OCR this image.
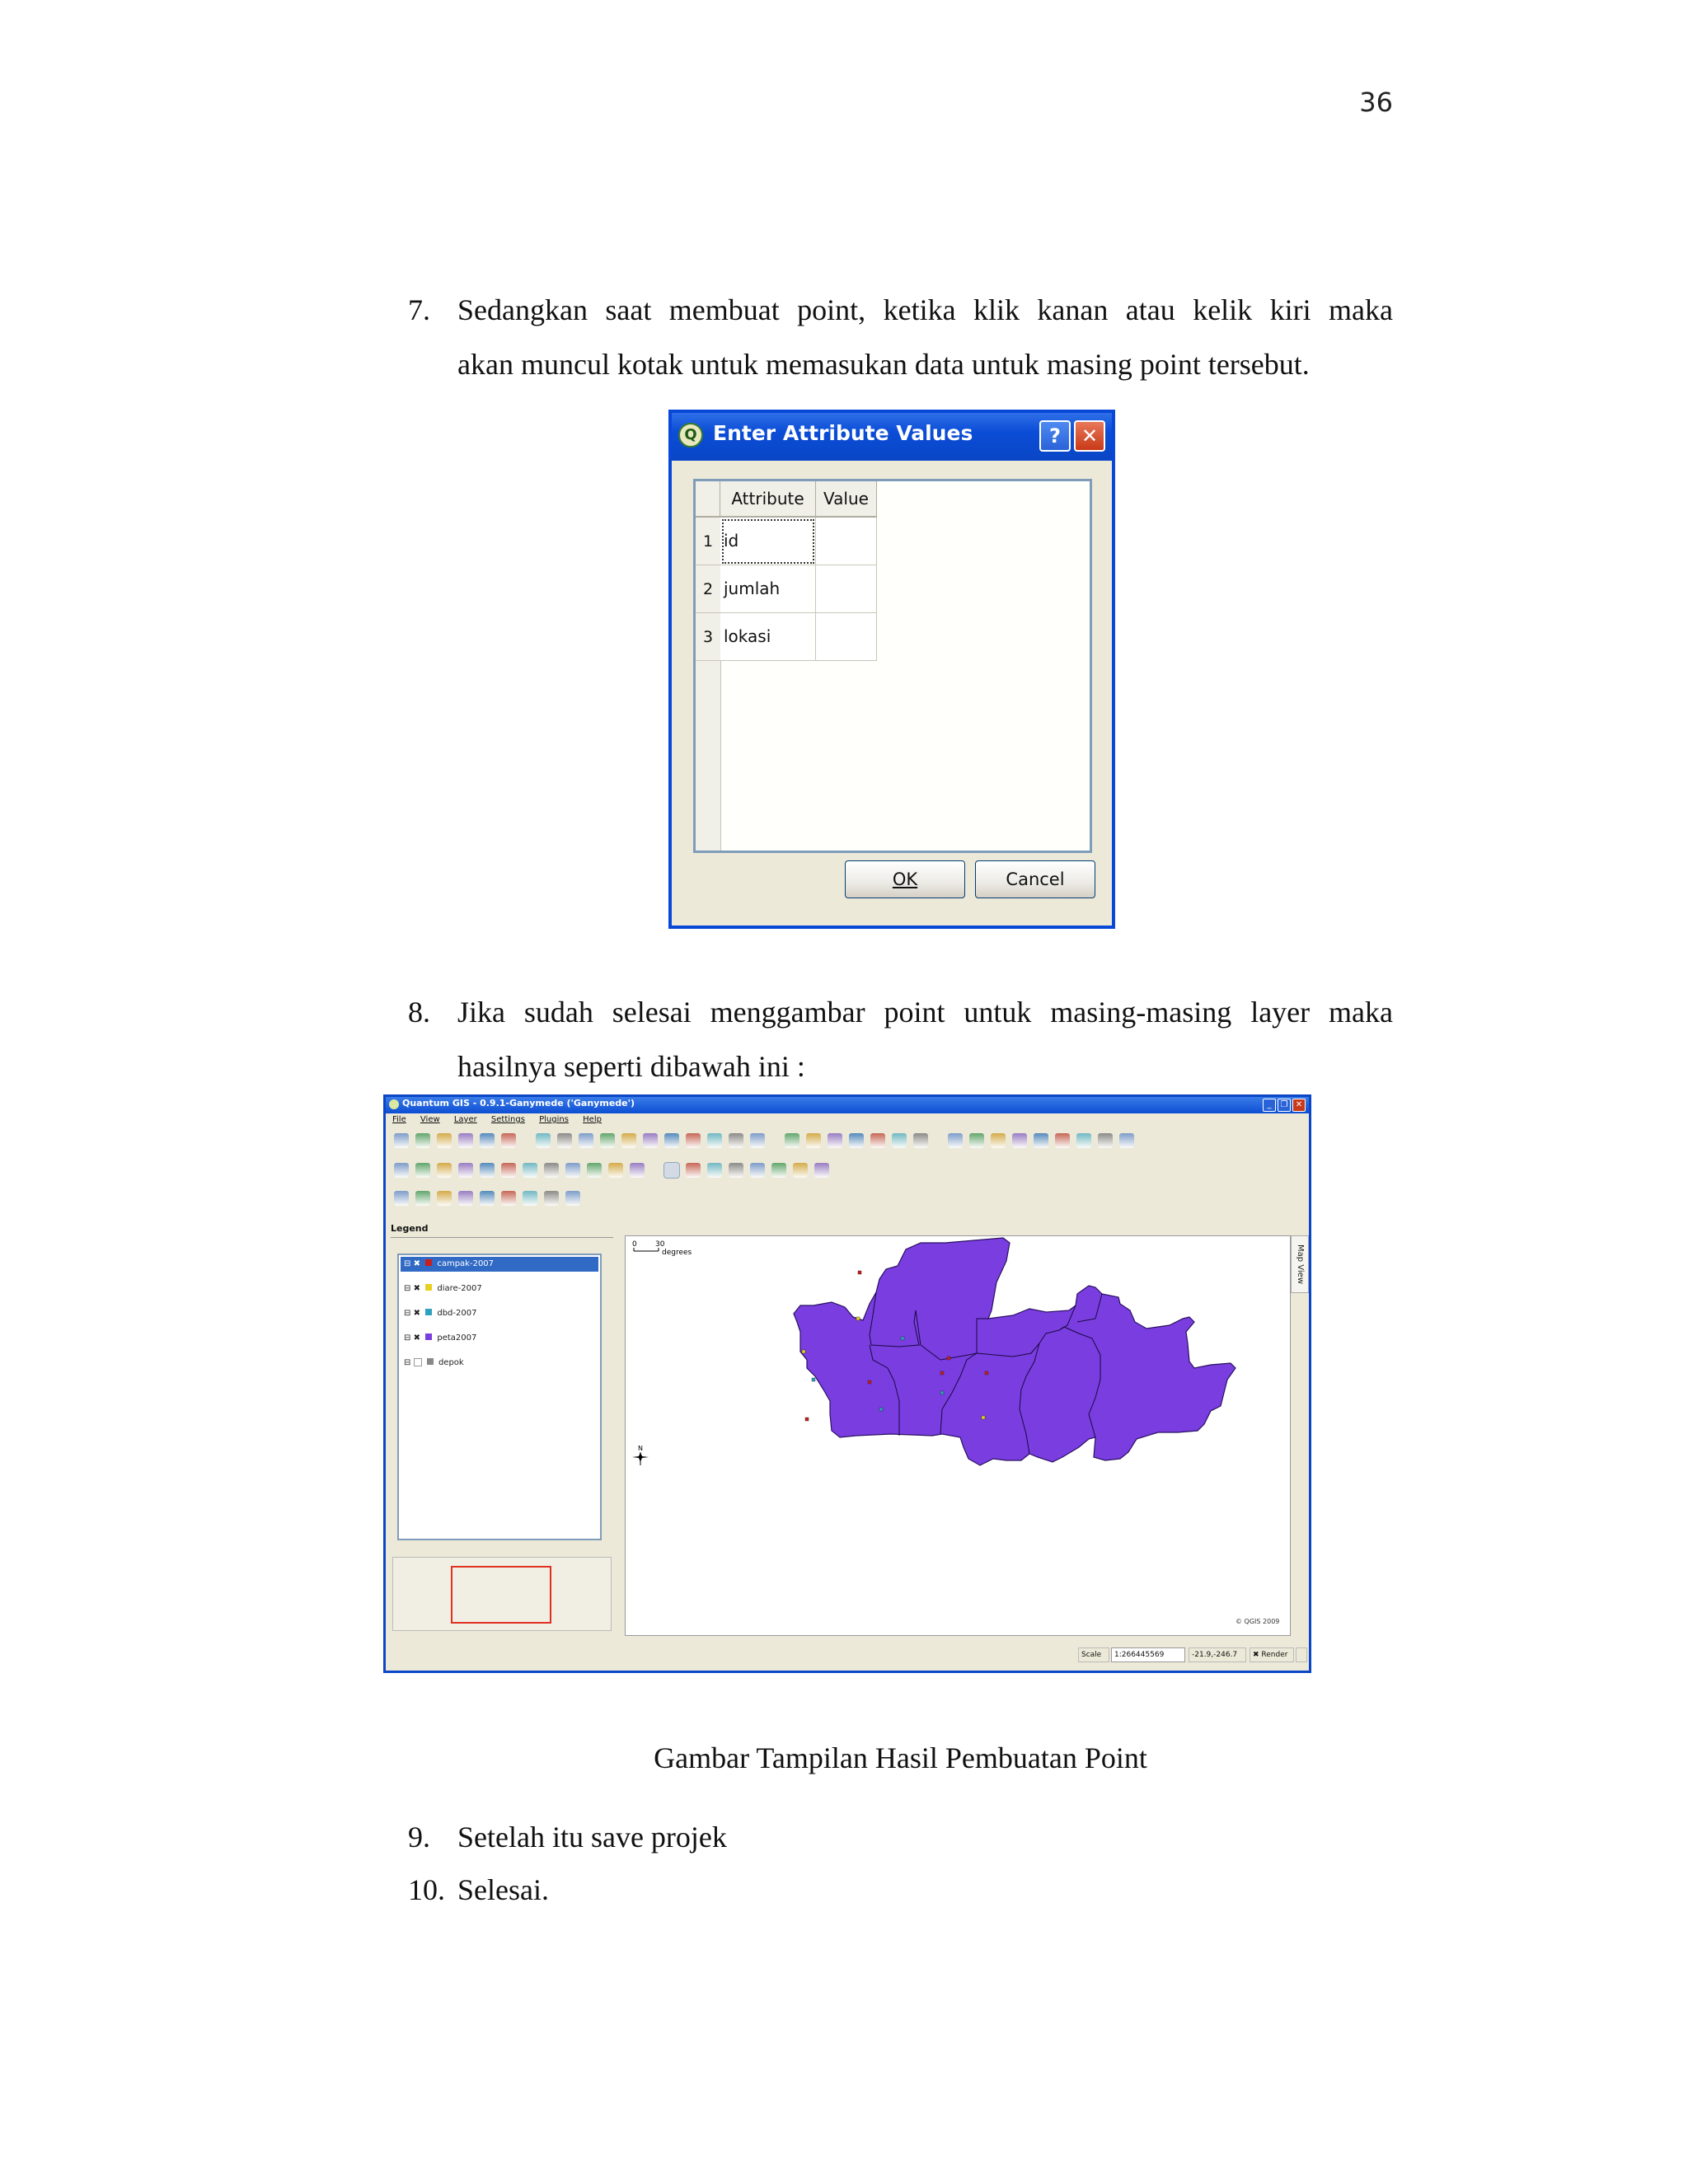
36
7. Sedangkan saat membuat point, ketika klik kanan atau kelik kiri maka
akan muncul kotak untuk memasukan data untuk masing point tersebut.
Q Enter Attribute Values	?	✕
Attribute	Value
1 id
2 jumlah
3 lokasi
OK	Cancel
8. Jika sudah selesai menggambar point untuk masing-masing layer maka
hasilnya seperti dibawah ini :
Quantum GIS - 0.9.1-Ganymede ('Ganymede')	_	❐ ✕
File View Layer Settings Plugins Help
Legend
⊟ ✖ campak-2007
⊟ ✖ diare-2007
⊟ ✖ dbd-2007
⊟ ✖ peta2007
⊟	depok
0 30
degrees
N
© QGIS 2009
Map View
Scale	1:266445569	-21.9,-246.7	✖ Render
Gambar Tampilan Hasil Pembuatan Point
9. Setelah itu save projek
10. Selesai.
